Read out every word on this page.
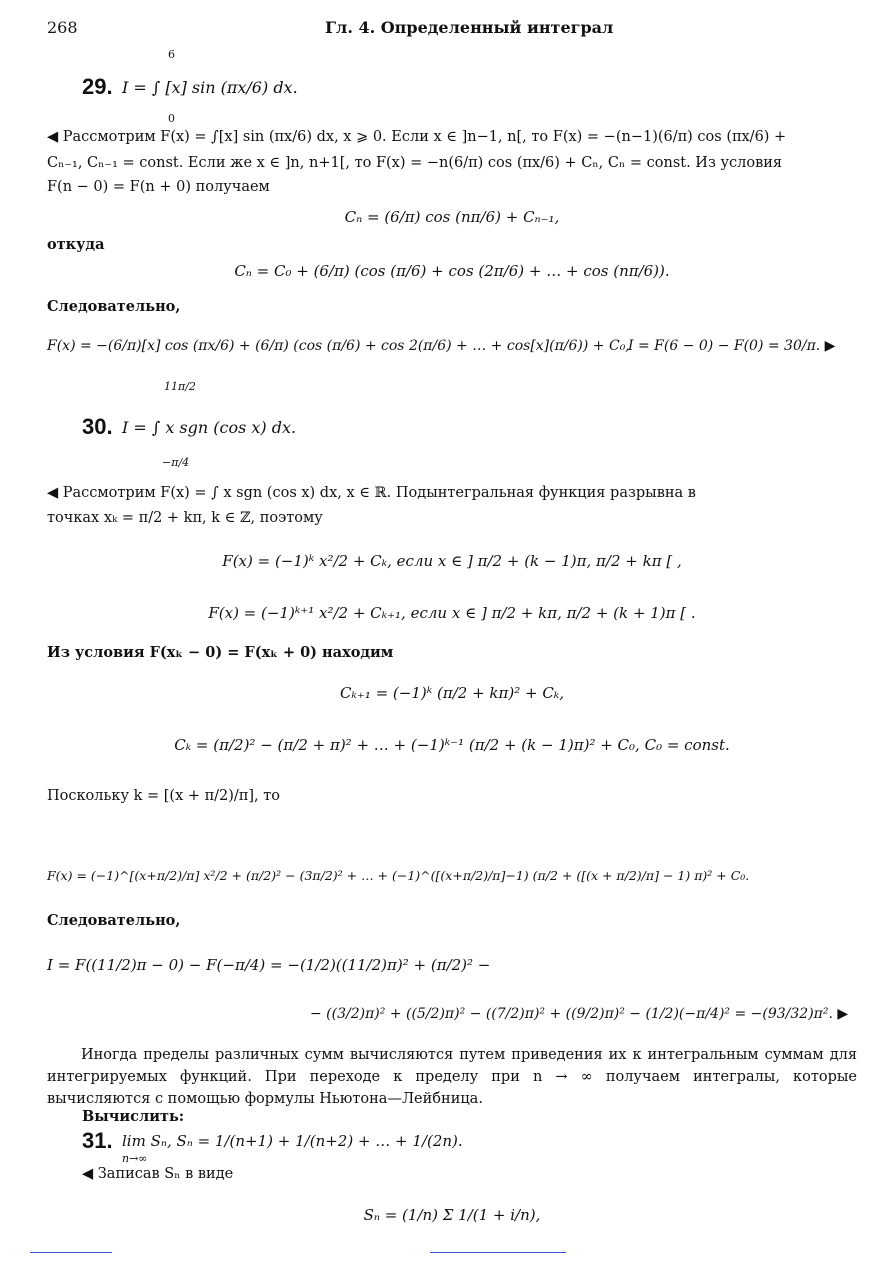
268	Гл. 4. Определенный интеграл
29.
6
0
I = ∫ [x] sin (πx/6) dx.
◀ Рассмотрим F(x) = ∫[x] sin (πx/6) dx, x ⩾ 0. Если x ∈ ]n−1, n[, то F(x) = −(n−1)(6/π) cos (πx/6) +
Cₙ₋₁, Cₙ₋₁ = const. Если же x ∈ ]n, n+1[, то F(x) = −n(6/π) cos (πx/6) + Cₙ, Cₙ = const. Из условия
F(n − 0) = F(n + 0) получаем
Cₙ = (6/π) cos (nπ/6) + Cₙ₋₁,
откуда
Cₙ = C₀ + (6/π) (cos (π/6) + cos (2π/6) + … + cos (nπ/6)).
Следовательно,
F(x) = −(6/π)[x] cos (πx/6) + (6/π) (cos (π/6) + cos 2(π/6) + … + cos[x](π/6)) + C₀,
I = F(6 − 0) − F(0) = 30/π. ▶
30.
11π/2
−π/4
I = ∫ x sgn (cos x) dx.
◀ Рассмотрим F(x) = ∫ x sgn (cos x) dx, x ∈ ℝ. Подынтегральная функция разрывна в
точках xₖ = π/2 + kπ, k ∈ ℤ, поэтому
F(x) = (−1)ᵏ x²/2 + Cₖ, если x ∈ ] π/2 + (k − 1)π, π/2 + kπ [ ,
F(x) = (−1)ᵏ⁺¹ x²/2 + Cₖ₊₁, если x ∈ ] π/2 + kπ, π/2 + (k + 1)π [ .
Из условия F(xₖ − 0) = F(xₖ + 0) находим
Cₖ₊₁ = (−1)ᵏ (π/2 + kπ)² + Cₖ,
Cₖ = (π/2)² − (π/2 + π)² + … + (−1)ᵏ⁻¹ (π/2 + (k − 1)π)² + C₀, C₀ = const.
Поскольку k = [(x + π/2)/π], то
F(x) = (−1)^[(x+π/2)/π] x²/2 + (π/2)² − (3π/2)² + … + (−1)^([(x+π/2)/π]−1) (π/2 + ([(x + π/2)/π] − 1) π)² + C₀.
Следовательно,
I = F((11/2)π − 0) − F(−π/4) = −(1/2)((11/2)π)² + (π/2)² −
− ((3/2)π)² + ((5/2)π)² − ((7/2)π)² + ((9/2)π)² − (1/2)(−π/4)² = −(93/32)π². ▶
Иногда пределы различных сумм вычисляются путем приведения их к интегральным суммам для интегрируемых функций. При переходе к пределу при n → ∞ получаем интегралы, которые вычисляются с помощью формулы Ньютона—Лейбница.
Вычислить:
31. lim Sₙ, Sₙ = 1/(n+1) + 1/(n+2) + … + 1/(2n).
n→∞
◀ Записав Sₙ в виде
Sₙ = (1/n) Σ 1/(1 + i/n),
